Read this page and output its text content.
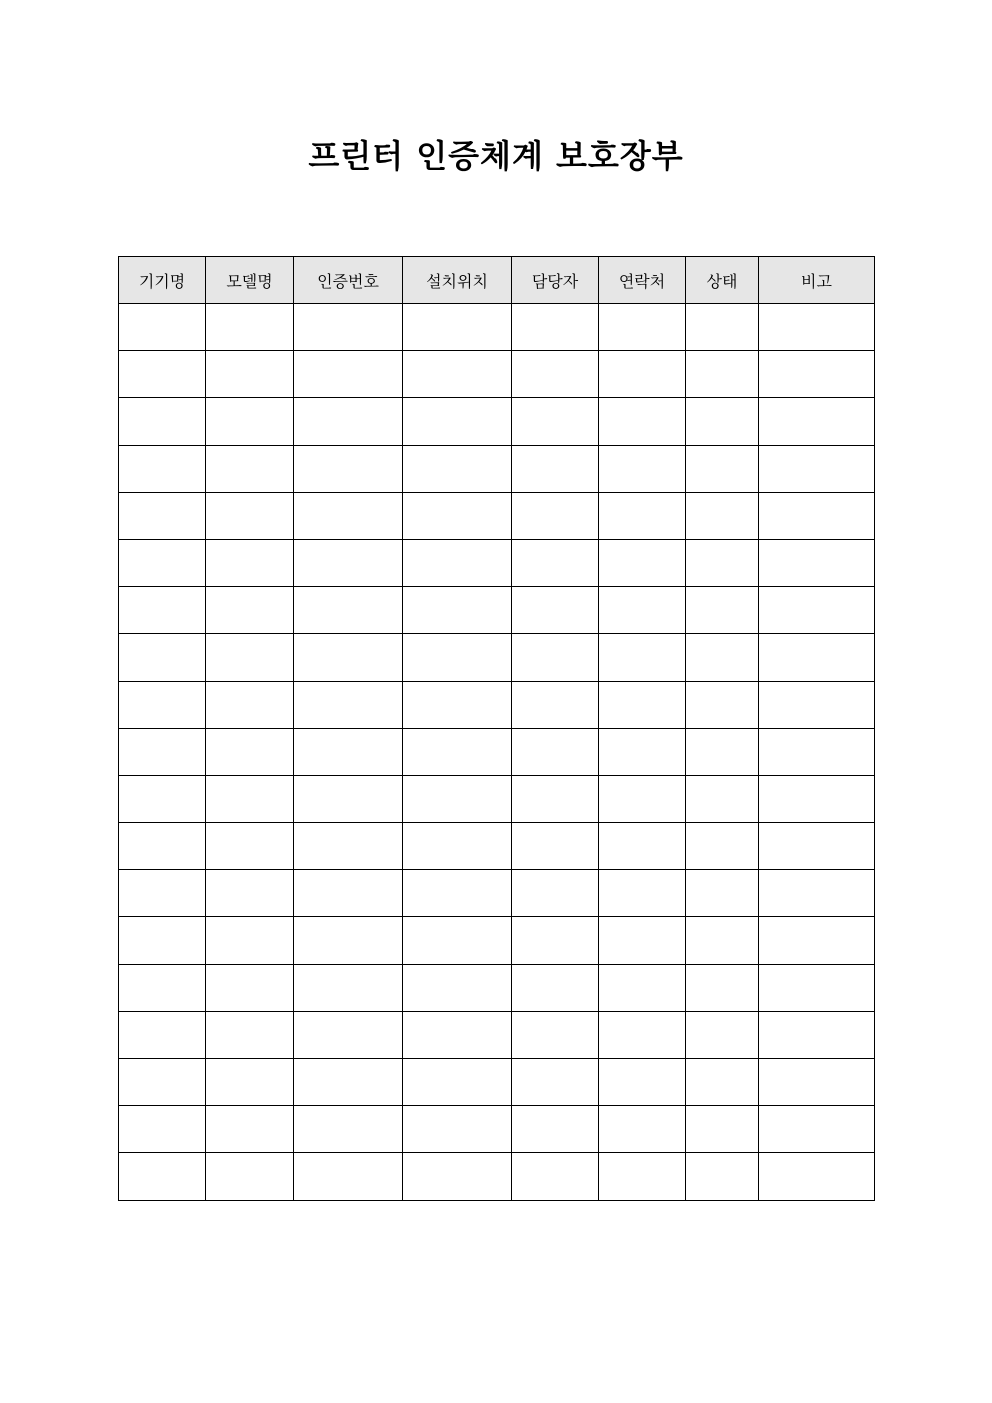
프린터 인증체계 보호장부
기기명	모델명	인증번호	설치위치	담당자	연락처	상태	비고
